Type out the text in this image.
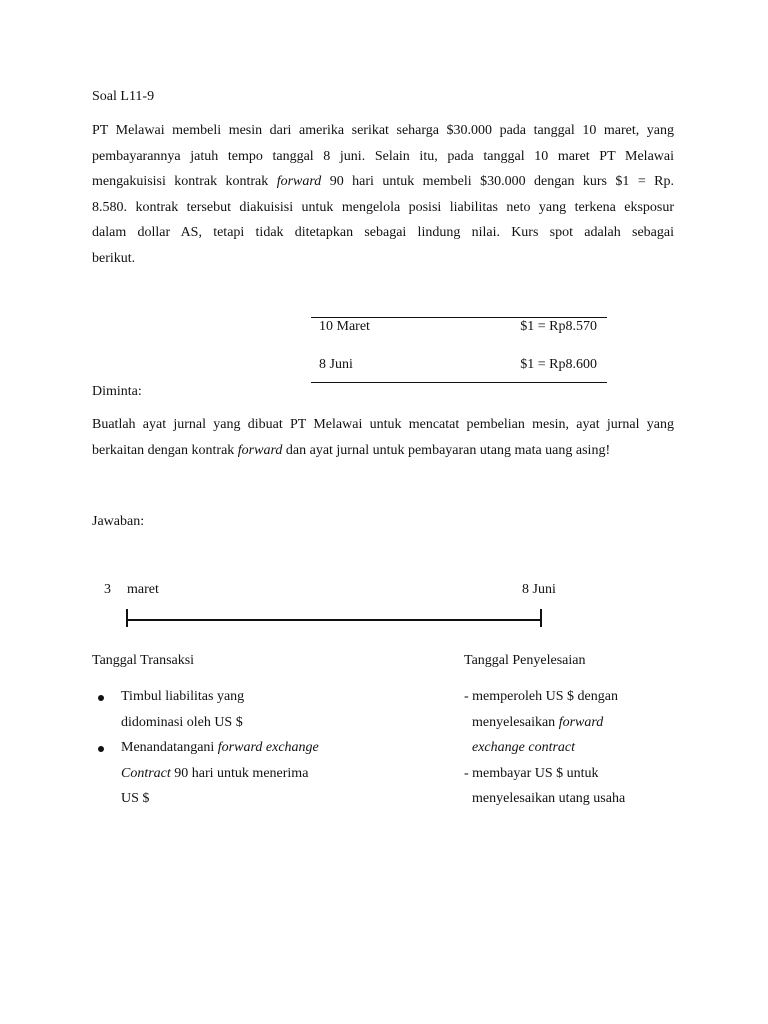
Soal L11-9
PT Melawai membeli mesin dari amerika serikat seharga $30.000 pada tanggal 10 maret, yang
pembayarannya jatuh tempo tanggal 8 juni. Selain itu, pada tanggal 10 maret PT Melawai
mengakuisisi kontrak kontrak forward 90 hari untuk membeli $30.000 dengan kurs $1 = Rp.
8.580. kontrak tersebut diakuisisi untuk mengelola posisi liabilitas neto yang terkena eksposur
dalam dollar AS, tetapi tidak ditetapkan sebagai lindung nilai. Kurs spot adalah sebagai
berikut.
10 Maret	$1 = Rp8.570
8 Juni	$1 = Rp8.600
Diminta:
Buatlah ayat jurnal yang dibuat PT Melawai untuk mencatat pembelian mesin, ayat jurnal yang
berkaitan dengan kontrak forward dan ayat jurnal untuk pembayaran utang mata uang asing!
Jawaban:
3 maret	8 Juni
Tanggal Transaksi	Tanggal Penyelesaian
Timbul liabilitas yang
didominasi oleh US $
Menandatangani forward exchange
Contract 90 hari untuk menerima
US $
- memperoleh US $ dengan
menyelesaikan forward
exchange contract
- membayar US $ untuk
menyelesaikan utang usaha
